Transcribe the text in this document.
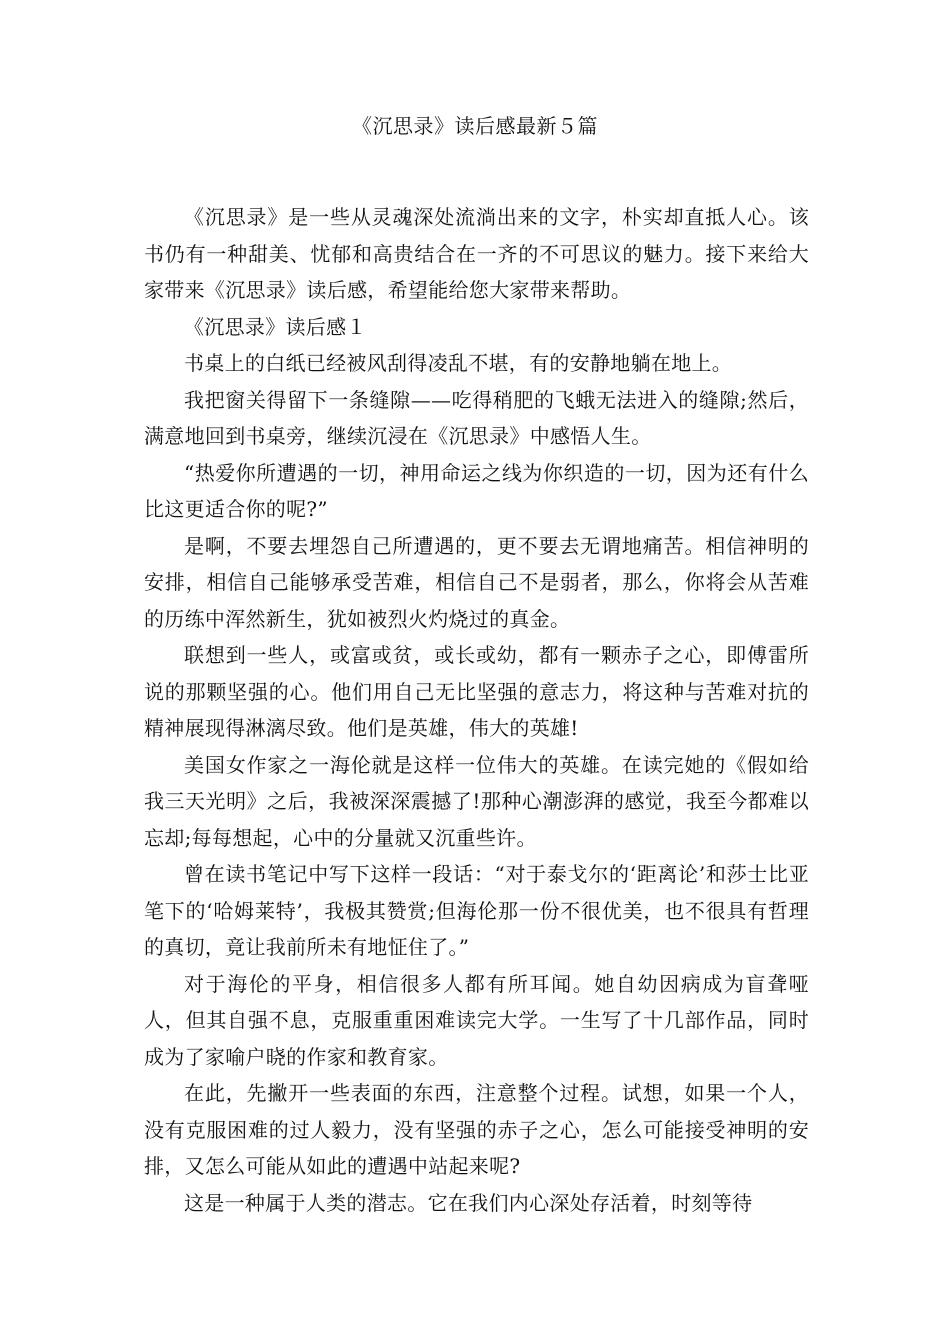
《沉思录》读后感最新５篇

《沉思录》是一些从灵魂深处流淌出来的文字，朴实却直抵人心。该书仍有一种甜美、忧郁和高贵结合在一齐的不可思议的魅力。接下来给大家带来《沉思录》读后感，希望能给您大家带来帮助。

《沉思录》读后感１

书桌上的白纸已经被风刮得凌乱不堪，有的安静地躺在地上。

我把窗关得留下一条缝隙——吃得稍肥的飞蛾无法进入的缝隙;然后，满意地回到书桌旁，继续沉浸在《沉思录》中感悟人生。

“热爱你所遭遇的一切，神用命运之线为你织造的一切，因为还有什么比这更适合你的呢?”

是啊，不要去埋怨自己所遭遇的，更不要去无谓地痛苦。相信神明的安排，相信自己能够承受苦难，相信自己不是弱者，那么，你将会从苦难的历练中浑然新生，犹如被烈火灼烧过的真金。

联想到一些人，或富或贫，或长或幼，都有一颗赤子之心，即傅雷所说的那颗坚强的心。他们用自己无比坚强的意志力，将这种与苦难对抗的精神展现得淋漓尽致。他们是英雄，伟大的英雄!

美国女作家之一海伦就是这样一位伟大的英雄。在读完她的《假如给我三天光明》之后，我被深深震撼了!那种心潮澎湃的感觉，我至今都难以忘却;每每想起，心中的分量就又沉重些许。

曾在读书笔记中写下这样一段话：“对于泰戈尔的‘距离论’和莎士比亚笔下的‘哈姆莱特’，我极其赞赏;但海伦那一份不很优美，也不很具有哲理的真切，竟让我前所未有地怔住了。”

对于海伦的平身，相信很多人都有所耳闻。她自幼因病成为盲聋哑人，但其自强不息，克服重重困难读完大学。一生写了十几部作品，同时成为了家喻户晓的作家和教育家。

在此，先撇开一些表面的东西，注意整个过程。试想，如果一个人，没有克服困难的过人毅力，没有坚强的赤子之心，怎么可能接受神明的安排，又怎么可能从如此的遭遇中站起来呢?

这是一种属于人类的潜志。它在我们内心深处存活着，时刻等待
